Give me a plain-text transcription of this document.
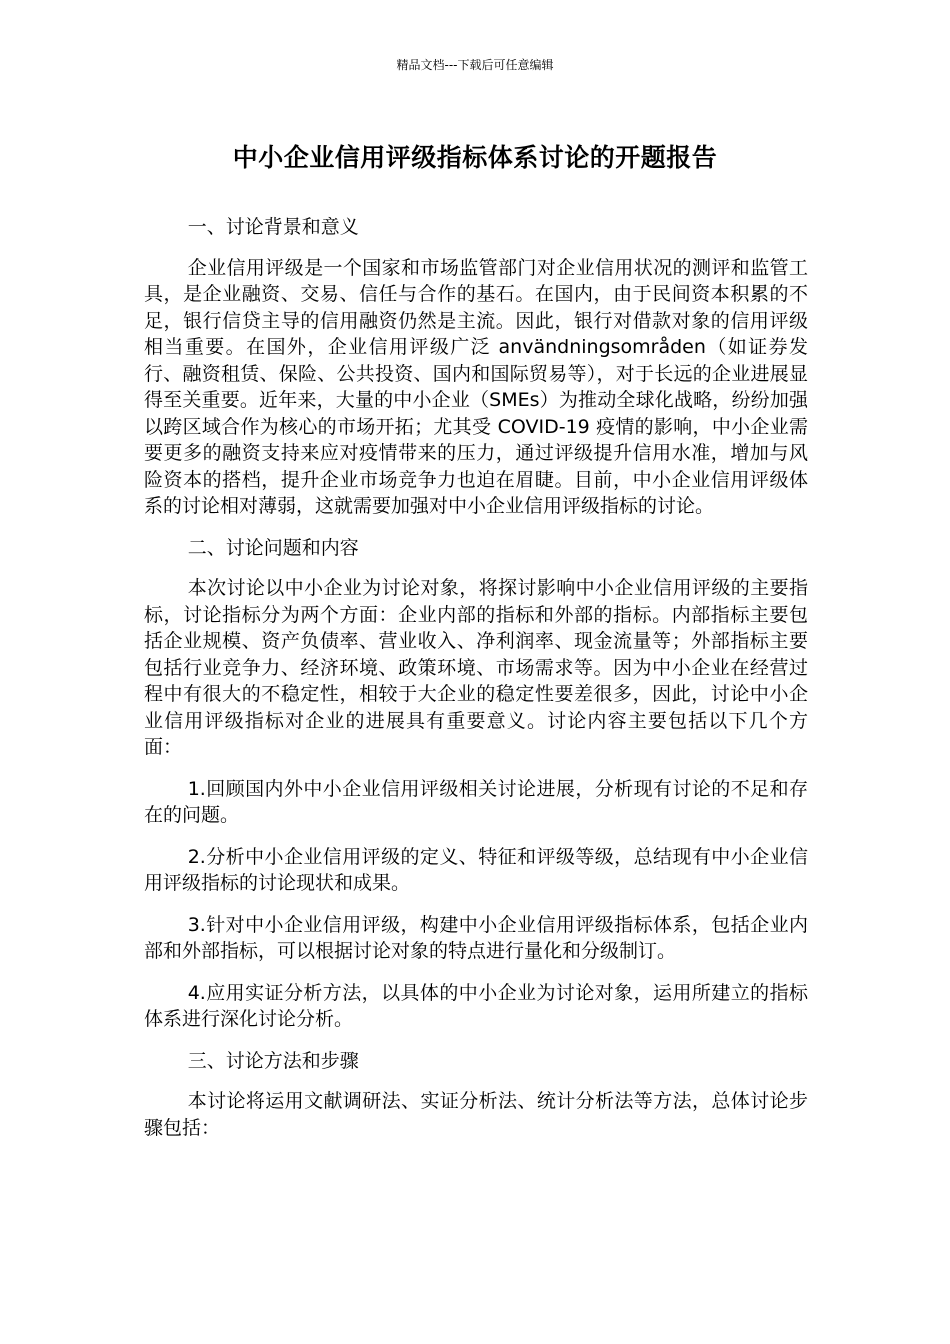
精品文档---下载后可任意编辑
中小企业信用评级指标体系讨论的开题报告

一、讨论背景和意义

企业信用评级是一个国家和市场监管部门对企业信用状况的测评和监管工具，是企业融资、交易、信任与合作的基石。在国内，由于民间资本积累的不足，银行信贷主导的信用融资仍然是主流。因此，银行对借款对象的信用评级相当重要。在国外，企业信用评级广泛 användningsområden（如证券发行、融资租赁、保险、公共投资、国内和国际贸易等），对于长远的企业进展显得至关重要。近年来，大量的中小企业（SMEs）为推动全球化战略，纷纷加强以跨区域合作为核心的市场开拓；尤其受 COVID-19 疫情的影响，中小企业需要更多的融资支持来应对疫情带来的压力，通过评级提升信用水准，增加与风险资本的搭档，提升企业市场竞争力也迫在眉睫。目前，中小企业信用评级体系的讨论相对薄弱，这就需要加强对中小企业信用评级指标的讨论。

二、讨论问题和内容

本次讨论以中小企业为讨论对象，将探讨影响中小企业信用评级的主要指标，讨论指标分为两个方面：企业内部的指标和外部的指标。内部指标主要包括企业规模、资产负债率、营业收入、净利润率、现金流量等；外部指标主要包括行业竞争力、经济环境、政策环境、市场需求等。因为中小企业在经营过程中有很大的不稳定性，相较于大企业的稳定性要差很多，因此，讨论中小企业信用评级指标对企业的进展具有重要意义。讨论内容主要包括以下几个方面：

1.回顾国内外中小企业信用评级相关讨论进展，分析现有讨论的不足和存在的问题。

2.分析中小企业信用评级的定义、特征和评级等级，总结现有中小企业信用评级指标的讨论现状和成果。

3.针对中小企业信用评级，构建中小企业信用评级指标体系，包括企业内部和外部指标，可以根据讨论对象的特点进行量化和分级制订。

4.应用实证分析方法，以具体的中小企业为讨论对象，运用所建立的指标体系进行深化讨论分析。

三、讨论方法和步骤

本讨论将运用文献调研法、实证分析法、统计分析法等方法，总体讨论步骤包括：
